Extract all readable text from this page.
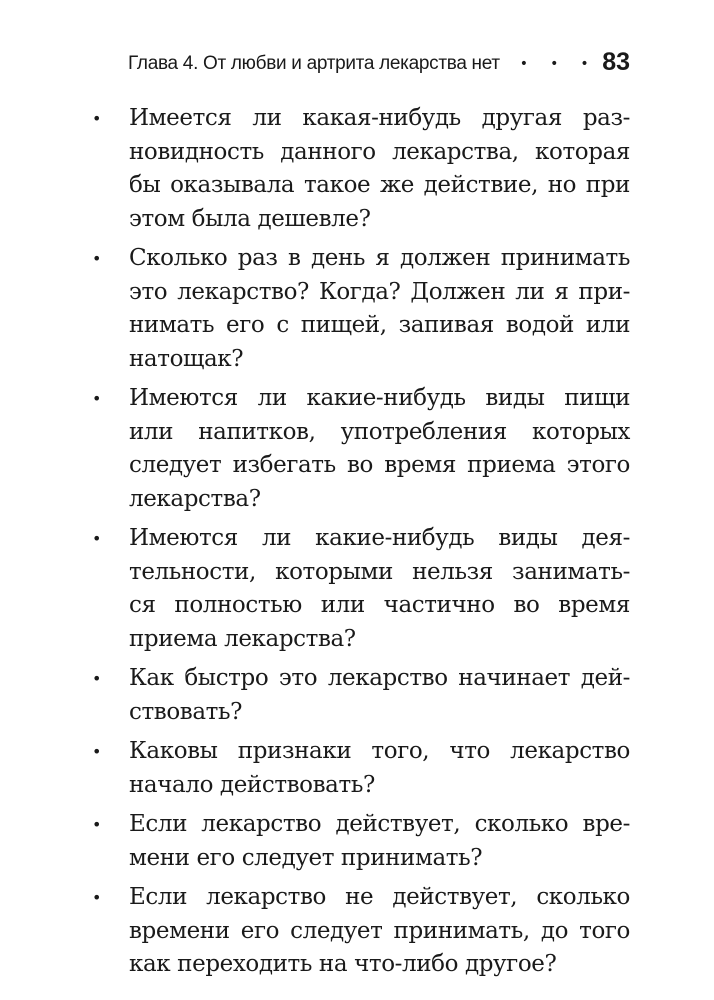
Глава 4. От любви и артрита лекарства нет • • • 83
• Имеется ли какая-нибудь другая раз-
новидность данного лекарства, которая
бы оказывала такое же действие, но при
этом была дешевле?
• Сколько раз в день я должен принимать
это лекарство? Когда? Должен ли я при-
нимать его с пищей, запивая водой или
натощак?
• Имеются ли какие-нибудь виды пищи
или напитков, употребления которых
следует избегать во время приема этого
лекарства?
• Имеются ли какие-нибудь виды дея-
тельности, которыми нельзя занимать-
ся полностью или частично во время
приема лекарства?
• Как быстро это лекарство начинает дей-
ствовать?
• Каковы признаки того, что лекарство
начало действовать?
• Если лекарство действует, сколько вре-
мени его следует принимать?
• Если лекарство не действует, сколько
времени его следует принимать, до того
как переходить на что-либо другое?
